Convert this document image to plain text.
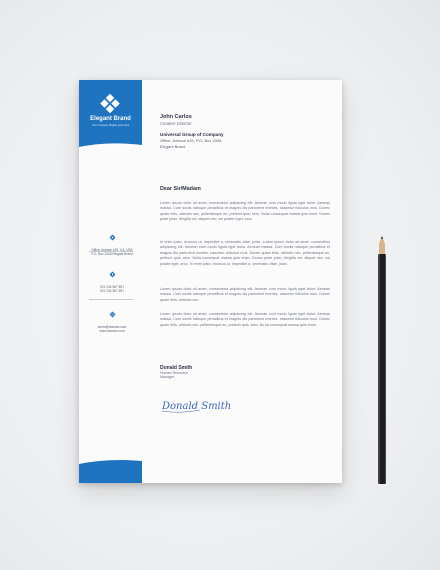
Elegant Brand
Your company Slogan goes here
John Carlos
Creative Director
Universal Group of Company
Office, Avenue #15, P.O. Box 3345
Elegant Brand
Dear Sir/Madam
Lorem ipsum dolor sit amet, consectetur adipiscing elit. Aenean com modo ligula eget dolor. Aenean massa. Cum sociis natoque penatibus et magnis dis parturient montes, nascetur ridiculus mus. Donec quam felis, ultricies nec, pellentesque eu, pretium quis, sem. Nulla consequat massa quis enim. Donec pede justo, fringilla vel, aliquet nec, vel putate eget, arcu.
In enim justo, rhoncus ut, imperdiet a, venenatis vitae, justo. Lorem ipsum dolor sit amet, consectetur adipiscing elit. Aenean com modo ligula eget dolor. Aenean massa. Cum sociis natoque penatibus et magnis dis parturient montes, nascetur ridiculus mus. Donec quam felis, ultricies nec, pellentesque eu, pretium quis, sem. Nulla consequat massa quis enim. Donec pede justo, fringilla vel, aliquet nec, vul putate eget, arcu. In enim justo, rhoncus ut, imperdiet a, venenatis vitae, justo.
Lorem ipsum dolor sit amet, consectetur adipiscing elit. Aenean com modo ligula eget dolor. Aenean massa. Cum sociis natoque penatibus et magnis dis parturient montes, nascetur ridiculus mus. Donec quam felis, ultricies nec.
Lorem ipsum dolor sit amet, consectetur adipiscing elit. Aenean com modo ligula eget dolor. Aenean massa. Cum sociis natoque penatibus et magnis dis parturient montes, nascetur ridiculus mus. Donec quam felis, ultricies nec, pellentesque eu, pretium quis, sem. Nu lla consequat massa quis enim.
Office, Avenue #15, CA, USA
P.O. Box 3345 Elegant Brand
001 234 567 891
001 234 567 891
lorem@domain.com
www.domain.com
Donald Smith
Human Resource
Manager
Donald Smith
